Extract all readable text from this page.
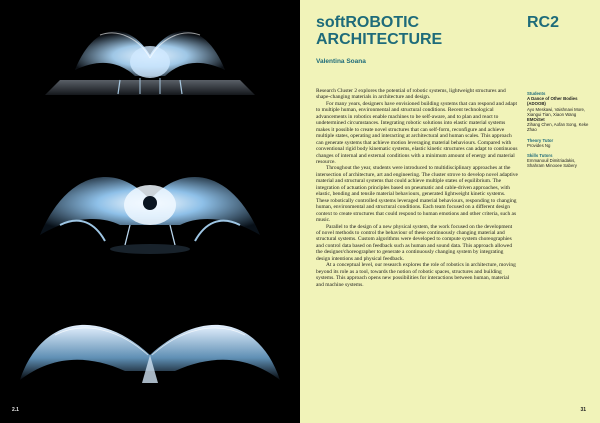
2.1
softROBOTIC ARCHITECTURE
RC2
Valentina Soana

Research Cluster 2 explores the potential of robotic systems, lightweight structures and shape-changing materials in architecture and design.

For many years, designers have envisioned building systems that can respond and adapt to multiple human, environmental and structural conditions. Recent technological advancements in robotics enable machines to be self-aware, and to plan and react to undetermined circumstances. Integrating robotic solutions into elastic material systems makes it possible to create novel structures that can self-form, reconfigure and achieve multiple states, operating and interacting at architectural and human scales. This approach can generate systems that achieve motion leveraging material behaviours. Compared with conventional rigid body kinematic systems, elastic kinetic structures can adapt to continuous changes of internal and external conditions with a minimum amount of energy and material resource.

Throughout the year, students were introduced to multidisciplinary approaches at the intersection of architecture, art and engineering. The cluster strove to develop novel adaptive material and structural systems that could achieve multiple states of equilibrium. The integration of actuation principles based on pneumatic and cable-driven approaches, with elastic, bending and tensile material behaviours, generated lightweight kinetic systems. These robotically controlled systems leveraged material behaviours, responding to changing human, environmental and structural conditions. Each team focused on a different design context to create structures that could respond to human emotions and other criteria, such as music.

Parallel to the design of a new physical system, the work focused on the development of novel methods to control the behaviour of these continuously changing material and structural systems. Custom algorithms were developed to compute system choreographies and control data based on feedback such as human and sound data. This approach allowed the designer/choreographer to generate a continuously changing system by integrating design intentions and physical feedback.

At a conceptual level, our research explores the role of robotics in architecture, moving beyond its role as a tool, towards the notion of robotic spaces, structures and building systems. This approach opens new possibilities for interactions between human, material and machine systems.

Students
A Dance of Other Bodies (ADOOB)
Ayo Meskawi, Vaishnavi More, Xiangui Tian, Xiaon Wang
EMOiSet
Zihang Chen, Aofan Song, Keke Zhao
Theory Tutor
Provides Ng
Skills Tutors
Emmanouil Dimitriadakis, Shahram Minooee Sabery
31
